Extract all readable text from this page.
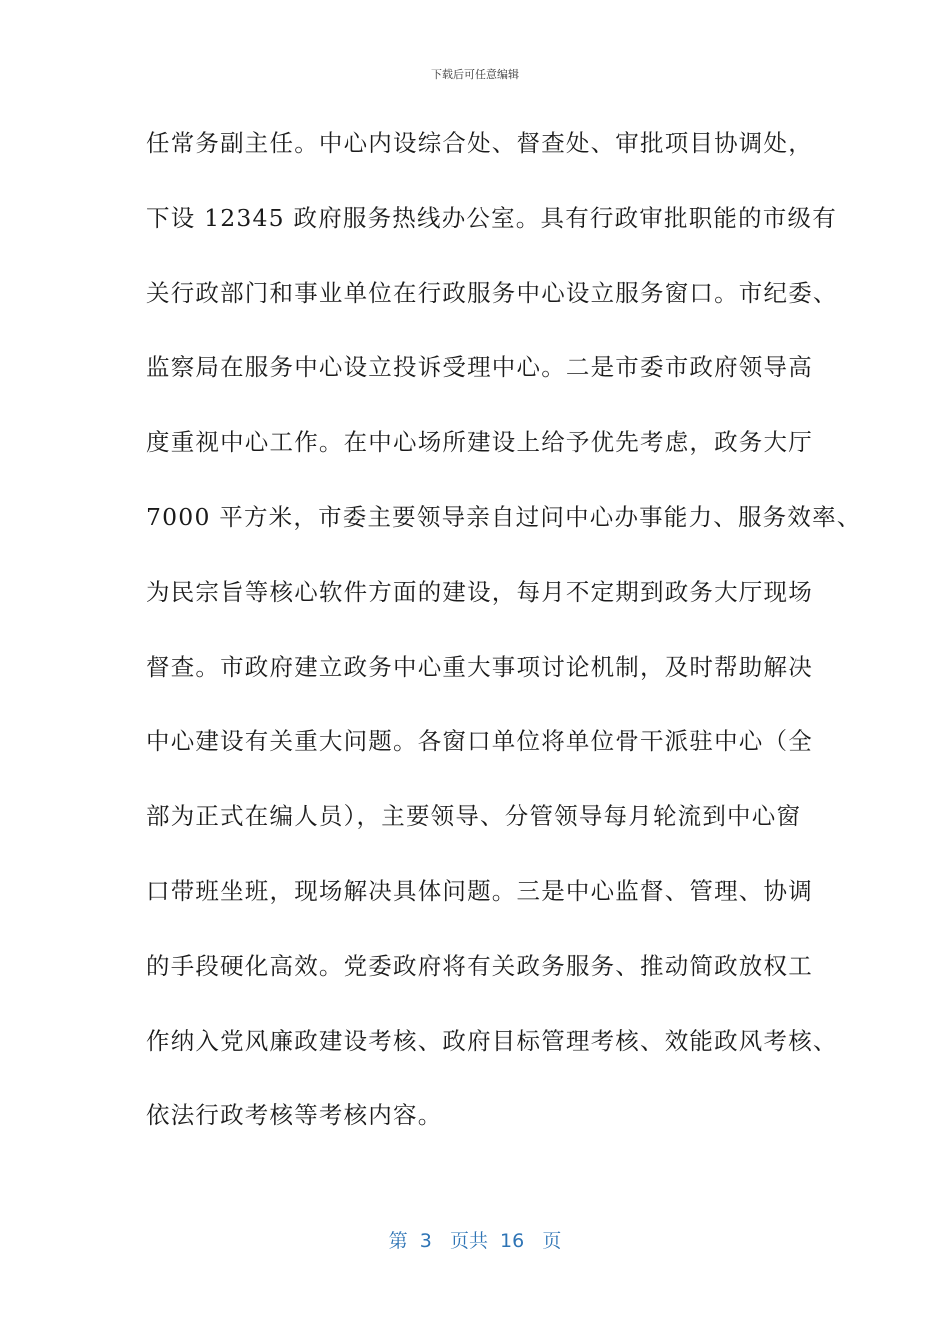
下载后可任意编辑
任常务副主任。中心内设综合处、督查处、审批项目协调处，
下设 12345 政府服务热线办公室。具有行政审批职能的市级有
关行政部门和事业单位在行政服务中心设立服务窗口。市纪委、
监察局在服务中心设立投诉受理中心。二是市委市政府领导高
度重视中心工作。在中心场所建设上给予优先考虑，政务大厅
7000 平方米，市委主要领导亲自过问中心办事能力、服务效率、
为民宗旨等核心软件方面的建设，每月不定期到政务大厅现场
督查。市政府建立政务中心重大事项讨论机制，及时帮助解决
中心建设有关重大问题。各窗口单位将单位骨干派驻中心（全
部为正式在编人员），主要领导、分管领导每月轮流到中心窗
口带班坐班，现场解决具体问题。三是中心监督、管理、协调
的手段硬化高效。党委政府将有关政务服务、推动简政放权工
作纳入党风廉政建设考核、政府目标管理考核、效能政风考核、
依法行政考核等考核内容。
第  3   页共  16   页
